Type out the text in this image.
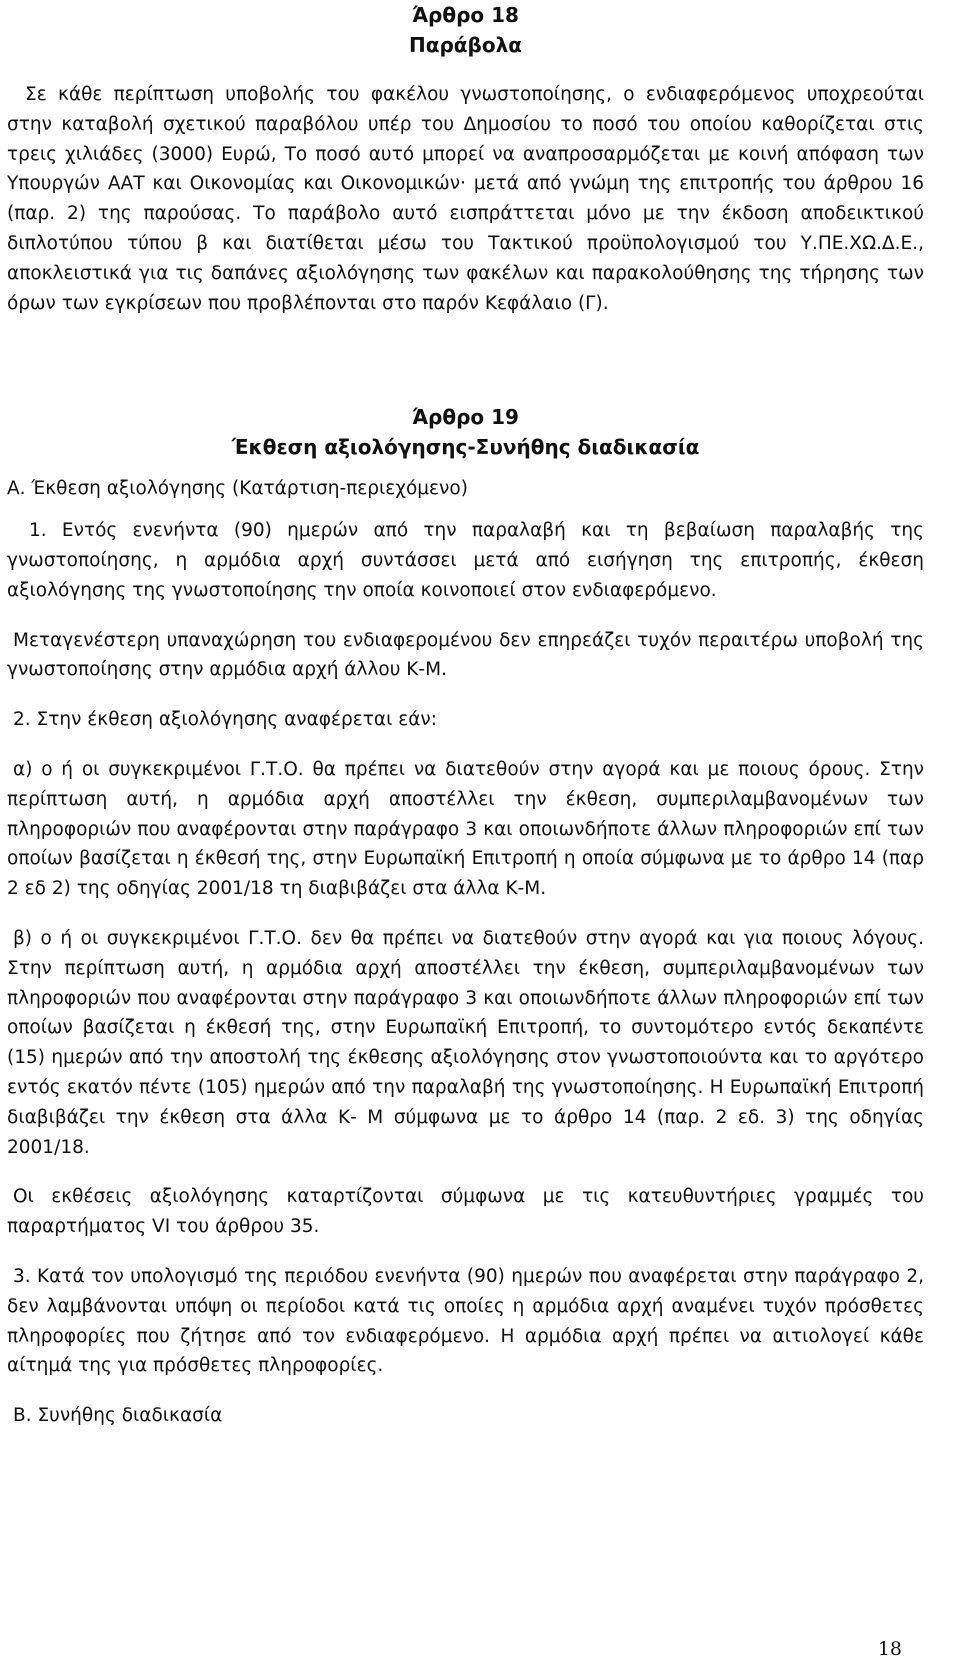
Άρθρο 18
Παράβολα

Σε κάθε περίπτωση υποβολής του φακέλου γνωστοποίησης, ο ενδιαφερόμενος υποχρεούται στην καταβολή σχετικού παραβόλου υπέρ του Δημοσίου το ποσό του οποίου καθορίζεται στις τρεις χιλιάδες (3000) Ευρώ, Το ποσό αυτό μπορεί να αναπροσαρμόζεται με κοινή απόφαση των Υπουργών ΑΑΤ και Οικονομίας και Οικονομικών· μετά από γνώμη της επιτροπής του άρθρου 16 (παρ. 2) της παρούσας. Το παράβολο αυτό εισπράττεται μόνο με την έκδοση αποδεικτικού διπλοτύπου τύπου β και διατίθεται μέσω του Τακτικού προϋπολογισμού του Υ.ΠΕ.ΧΩ.Δ.Ε., αποκλειστικά για τις δαπάνες αξιολόγησης των φακέλων και παρακολούθησης της τήρησης των όρων των εγκρίσεων που προβλέπονται στο παρόν Κεφάλαιο (Γ).

Άρθρο 19
Έκθεση αξιολόγησης-Συνήθης διαδικασία

Α. Έκθεση αξιολόγησης (Κατάρτιση-περιεχόμενο)

1. Εντός ενενήντα (90) ημερών από την παραλαβή και τη βεβαίωση παραλαβής της γνωστοποίησης, η αρμόδια αρχή συντάσσει μετά από εισήγηση της επιτροπής, έκθεση αξιολόγησης της γνωστοποίησης την οποία κοινοποιεί στον ενδιαφερόμενο.

Μεταγενέστερη υπαναχώρηση του ενδιαφερομένου δεν επηρεάζει τυχόν περαιτέρω υποβολή της γνωστοποίησης στην αρμόδια αρχή άλλου Κ-Μ.

2. Στην έκθεση αξιολόγησης αναφέρεται εάν:

α) ο ή οι συγκεκριμένοι Γ.Τ.Ο. θα πρέπει να διατεθούν στην αγορά και με ποιους όρους. Στην περίπτωση αυτή, η αρμόδια αρχή αποστέλλει την έκθεση, συμπεριλαμβανομένων των πληροφοριών που αναφέρονται στην παράγραφο 3 και οποιωνδήποτε άλλων πληροφοριών επί των οποίων βασίζεται η έκθεσή της, στην Ευρωπαϊκή Επιτροπή η οποία σύμφωνα με το άρθρο 14 (παρ 2 εδ 2) της οδηγίας 2001/18 τη διαβιβάζει στα άλλα Κ-Μ.

β) ο ή οι συγκεκριμένοι Γ.Τ.Ο. δεν θα πρέπει να διατεθούν στην αγορά και για ποιους λόγους. Στην περίπτωση αυτή, η αρμόδια αρχή αποστέλλει την έκθεση, συμπεριλαμβανομένων των πληροφοριών που αναφέρονται στην παράγραφο 3 και οποιωνδήποτε άλλων πληροφοριών επί των οποίων βασίζεται η έκθεσή της, στην Ευρωπαϊκή Επιτροπή, το συντομότερο εντός δεκαπέντε (15) ημερών από την αποστολή της έκθεσης αξιολόγησης στον γνωστοποιούντα και το αργότερο εντός εκατόν πέντε (105) ημερών από την παραλαβή της γνωστοποίησης. Η Ευρωπαϊκή Επιτροπή διαβιβάζει την έκθεση στα άλλα Κ- Μ σύμφωνα με το άρθρο 14 (παρ. 2 εδ. 3) της οδηγίας 2001/18.

Οι εκθέσεις αξιολόγησης καταρτίζονται σύμφωνα με τις κατευθυντήριες γραμμές του παραρτήματος VI του άρθρου 35.

3. Κατά τον υπολογισμό της περιόδου ενενήντα (90) ημερών που αναφέρεται στην παράγραφο 2, δεν λαμβάνονται υπόψη οι περίοδοι κατά τις οποίες η αρμόδια αρχή αναμένει τυχόν πρόσθετες πληροφορίες που ζήτησε από τον ενδιαφερόμενο. Η αρμόδια αρχή πρέπει να αιτιολογεί κάθε αίτημά της για πρόσθετες πληροφορίες.

Β. Συνήθης διαδικασία

18
